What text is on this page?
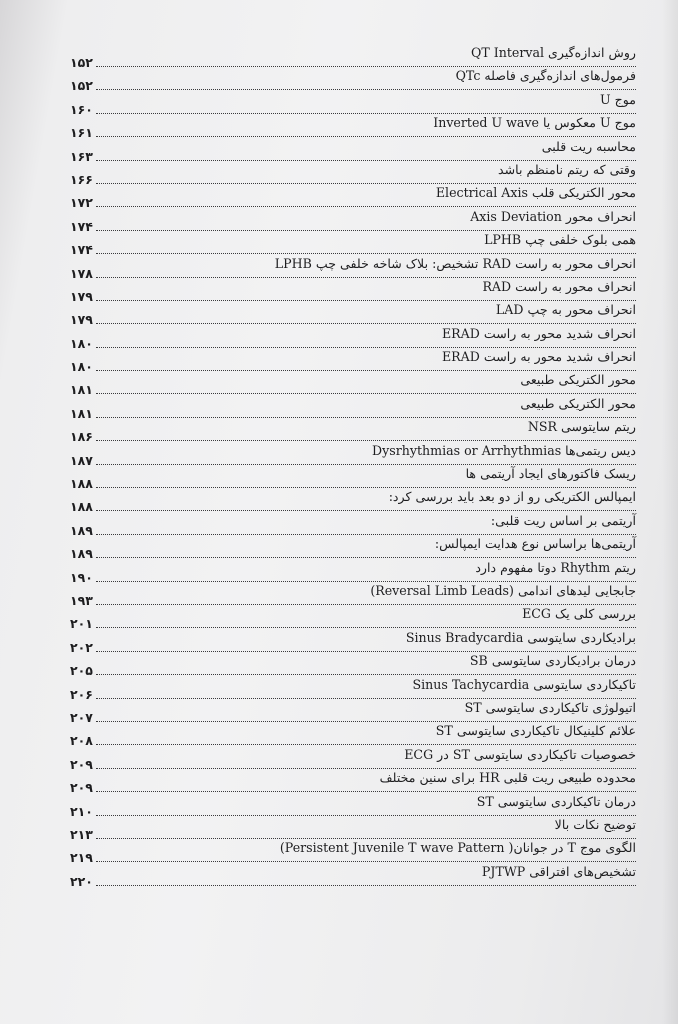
روش اندازه‌گیری QT Interval
۱۵۲
فرمول‌های اندازه‌گیری فاصله QTc
۱۵۲
موج U
۱۶۰
موج U معکوس یا Inverted U wave
۱۶۱
محاسبه ریت قلبی
۱۶۳
وقتی که ریتم نامنظم باشد
۱۶۶
محور الکتریکی قلب Electrical Axis
۱۷۲
انحراف محور Axis Deviation
۱۷۴
همی بلوک خلفی چپ LPHB
۱۷۴
انحراف محور به راست RAD تشخیص: بلاک شاخه خلفی چپ LPHB
۱۷۸
انحراف محور به راست RAD
۱۷۹
انحراف محور به چپ LAD
۱۷۹
انحراف شدید محور به راست ERAD
۱۸۰
انحراف شدید محور به راست ERAD
۱۸۰
محور الکتریکی طبیعی
۱۸۱
محور الکتریکی طبیعی
۱۸۱
ریتم سایتوسی NSR
۱۸۶
دیس ریتمی‌ها Dysrhythmias or Arrhythmias
۱۸۷
ریسک فاکتورهای ایجاد آریتمی ها
۱۸۸
ایمپالس الکتریکی رو از دو بعد باید بررسی کرد:
۱۸۸
آریتمی بر اساس ریت قلبی:
۱۸۹
آریتمی‌ها براساس نوع هدایت ایمپالس:
۱۸۹
ریتم Rhythm دوتا مفهوم دارد
۱۹۰
جابجایی لیدهای اندامی (Reversal Limb Leads)
۱۹۳
بررسی کلی یک ECG
۲۰۱
برادیکاردی سایتوسی Sinus Bradycardia
۲۰۲
درمان برادیکاردی سایتوسی SB
۲۰۵
تاکیکاردی سایتوسی Sinus Tachycardia
۲۰۶
اتیولوژی تاکیکاردی سایتوسی ST
۲۰۷
علائم کلینیکال تاکیکاردی سایتوسی ST
۲۰۸
خصوصیات تاکیکاردی سایتوسی ST در ECG
۲۰۹
محدوده طبیعی ریت قلبی HR برای سنین مختلف
۲۰۹
درمان تاکیکاردی سایتوسی ST
۲۱۰
توضیح نکات بالا
۲۱۳
الگوی موج T در جوانان( Persistent Juvenile T wave Pattern)
۲۱۹
تشخیص‌های افتراقی PJTWP
۲۲۰
